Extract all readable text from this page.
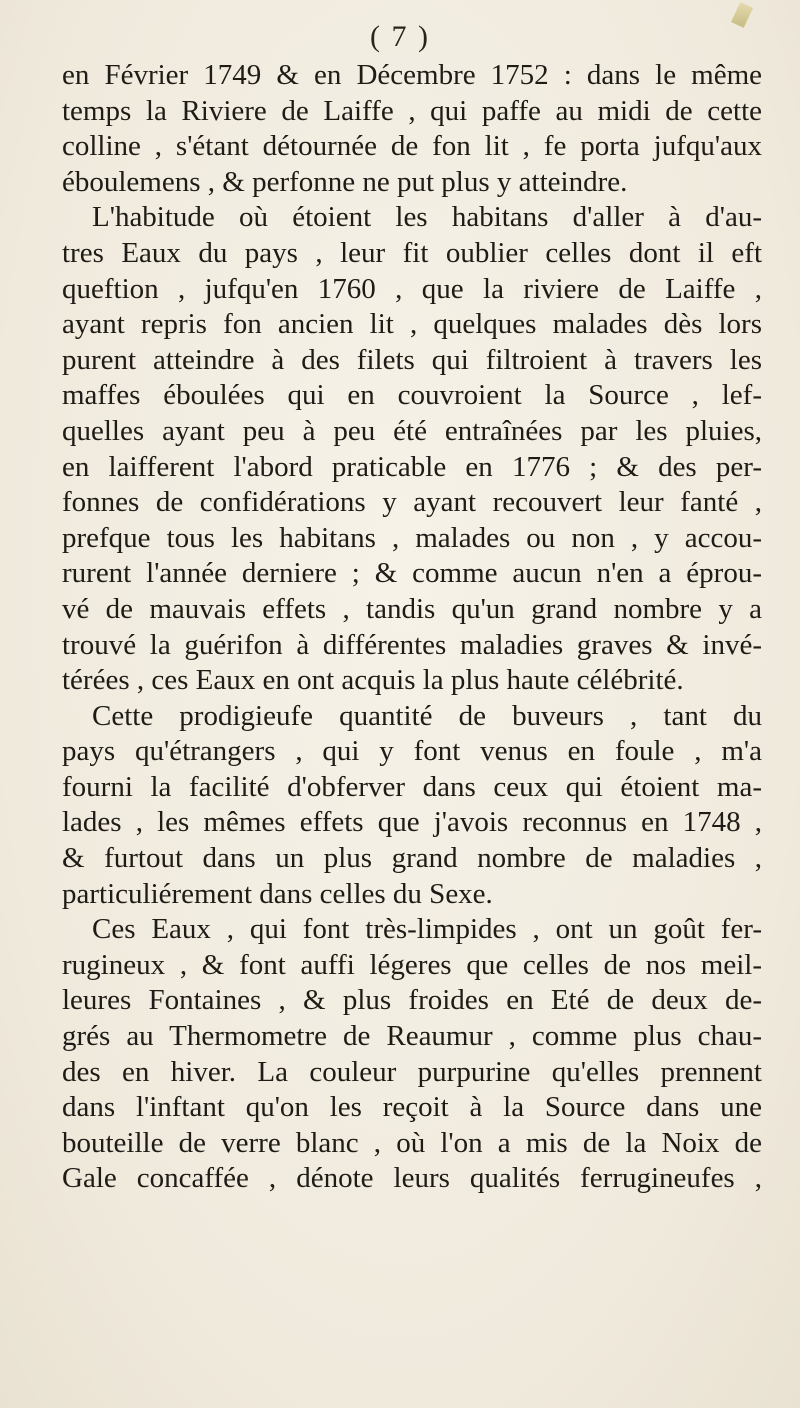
( 7 )
en Février 1749 & en Décembre 1752 : dans le même
temps la Riviere de Laiffe , qui paffe au midi de cette
colline , s'étant détournée de fon lit , fe porta jufqu'aux
éboulemens , & perfonne ne put plus y atteindre.
L'habitude où étoient les habitans d'aller à d'au-
tres Eaux du pays , leur fit oublier celles dont il eft
queftion , jufqu'en 1760 , que la riviere de Laiffe ,
ayant repris fon ancien lit , quelques malades dès lors
purent atteindre à des filets qui filtroient à travers les
maffes éboulées qui en couvroient la Source , lef-
quelles ayant peu à peu été entraînées par les pluies,
en laifferent l'abord praticable en 1776 ; & des per-
fonnes de confidérations y ayant recouvert leur fanté ,
prefque tous les habitans , malades ou non , y accou-
rurent l'année derniere ; & comme aucun n'en a éprou-
vé de mauvais effets , tandis qu'un grand nombre y a
trouvé la guérifon à différentes maladies graves & invé-
térées , ces Eaux en ont acquis la plus haute célébrité.
Cette prodigieufe quantité de buveurs , tant du
pays qu'étrangers , qui y font venus en foule , m'a
fourni la facilité d'obferver dans ceux qui étoient ma-
lades , les mêmes effets que j'avois reconnus en 1748 ,
& furtout dans un plus grand nombre de maladies ,
particuliérement dans celles du Sexe.
Ces Eaux , qui font très-limpides , ont un goût fer-
rugineux , & font auffi légeres que celles de nos meil-
leures Fontaines , & plus froides en Eté de deux de-
grés au Thermometre de Reaumur , comme plus chau-
des en hiver. La couleur purpurine qu'elles prennent
dans l'inftant qu'on les reçoit à la Source dans une
bouteille de verre blanc , où l'on a mis de la Noix de
Gale concaffée , dénote leurs qualités ferrugineufes ,
